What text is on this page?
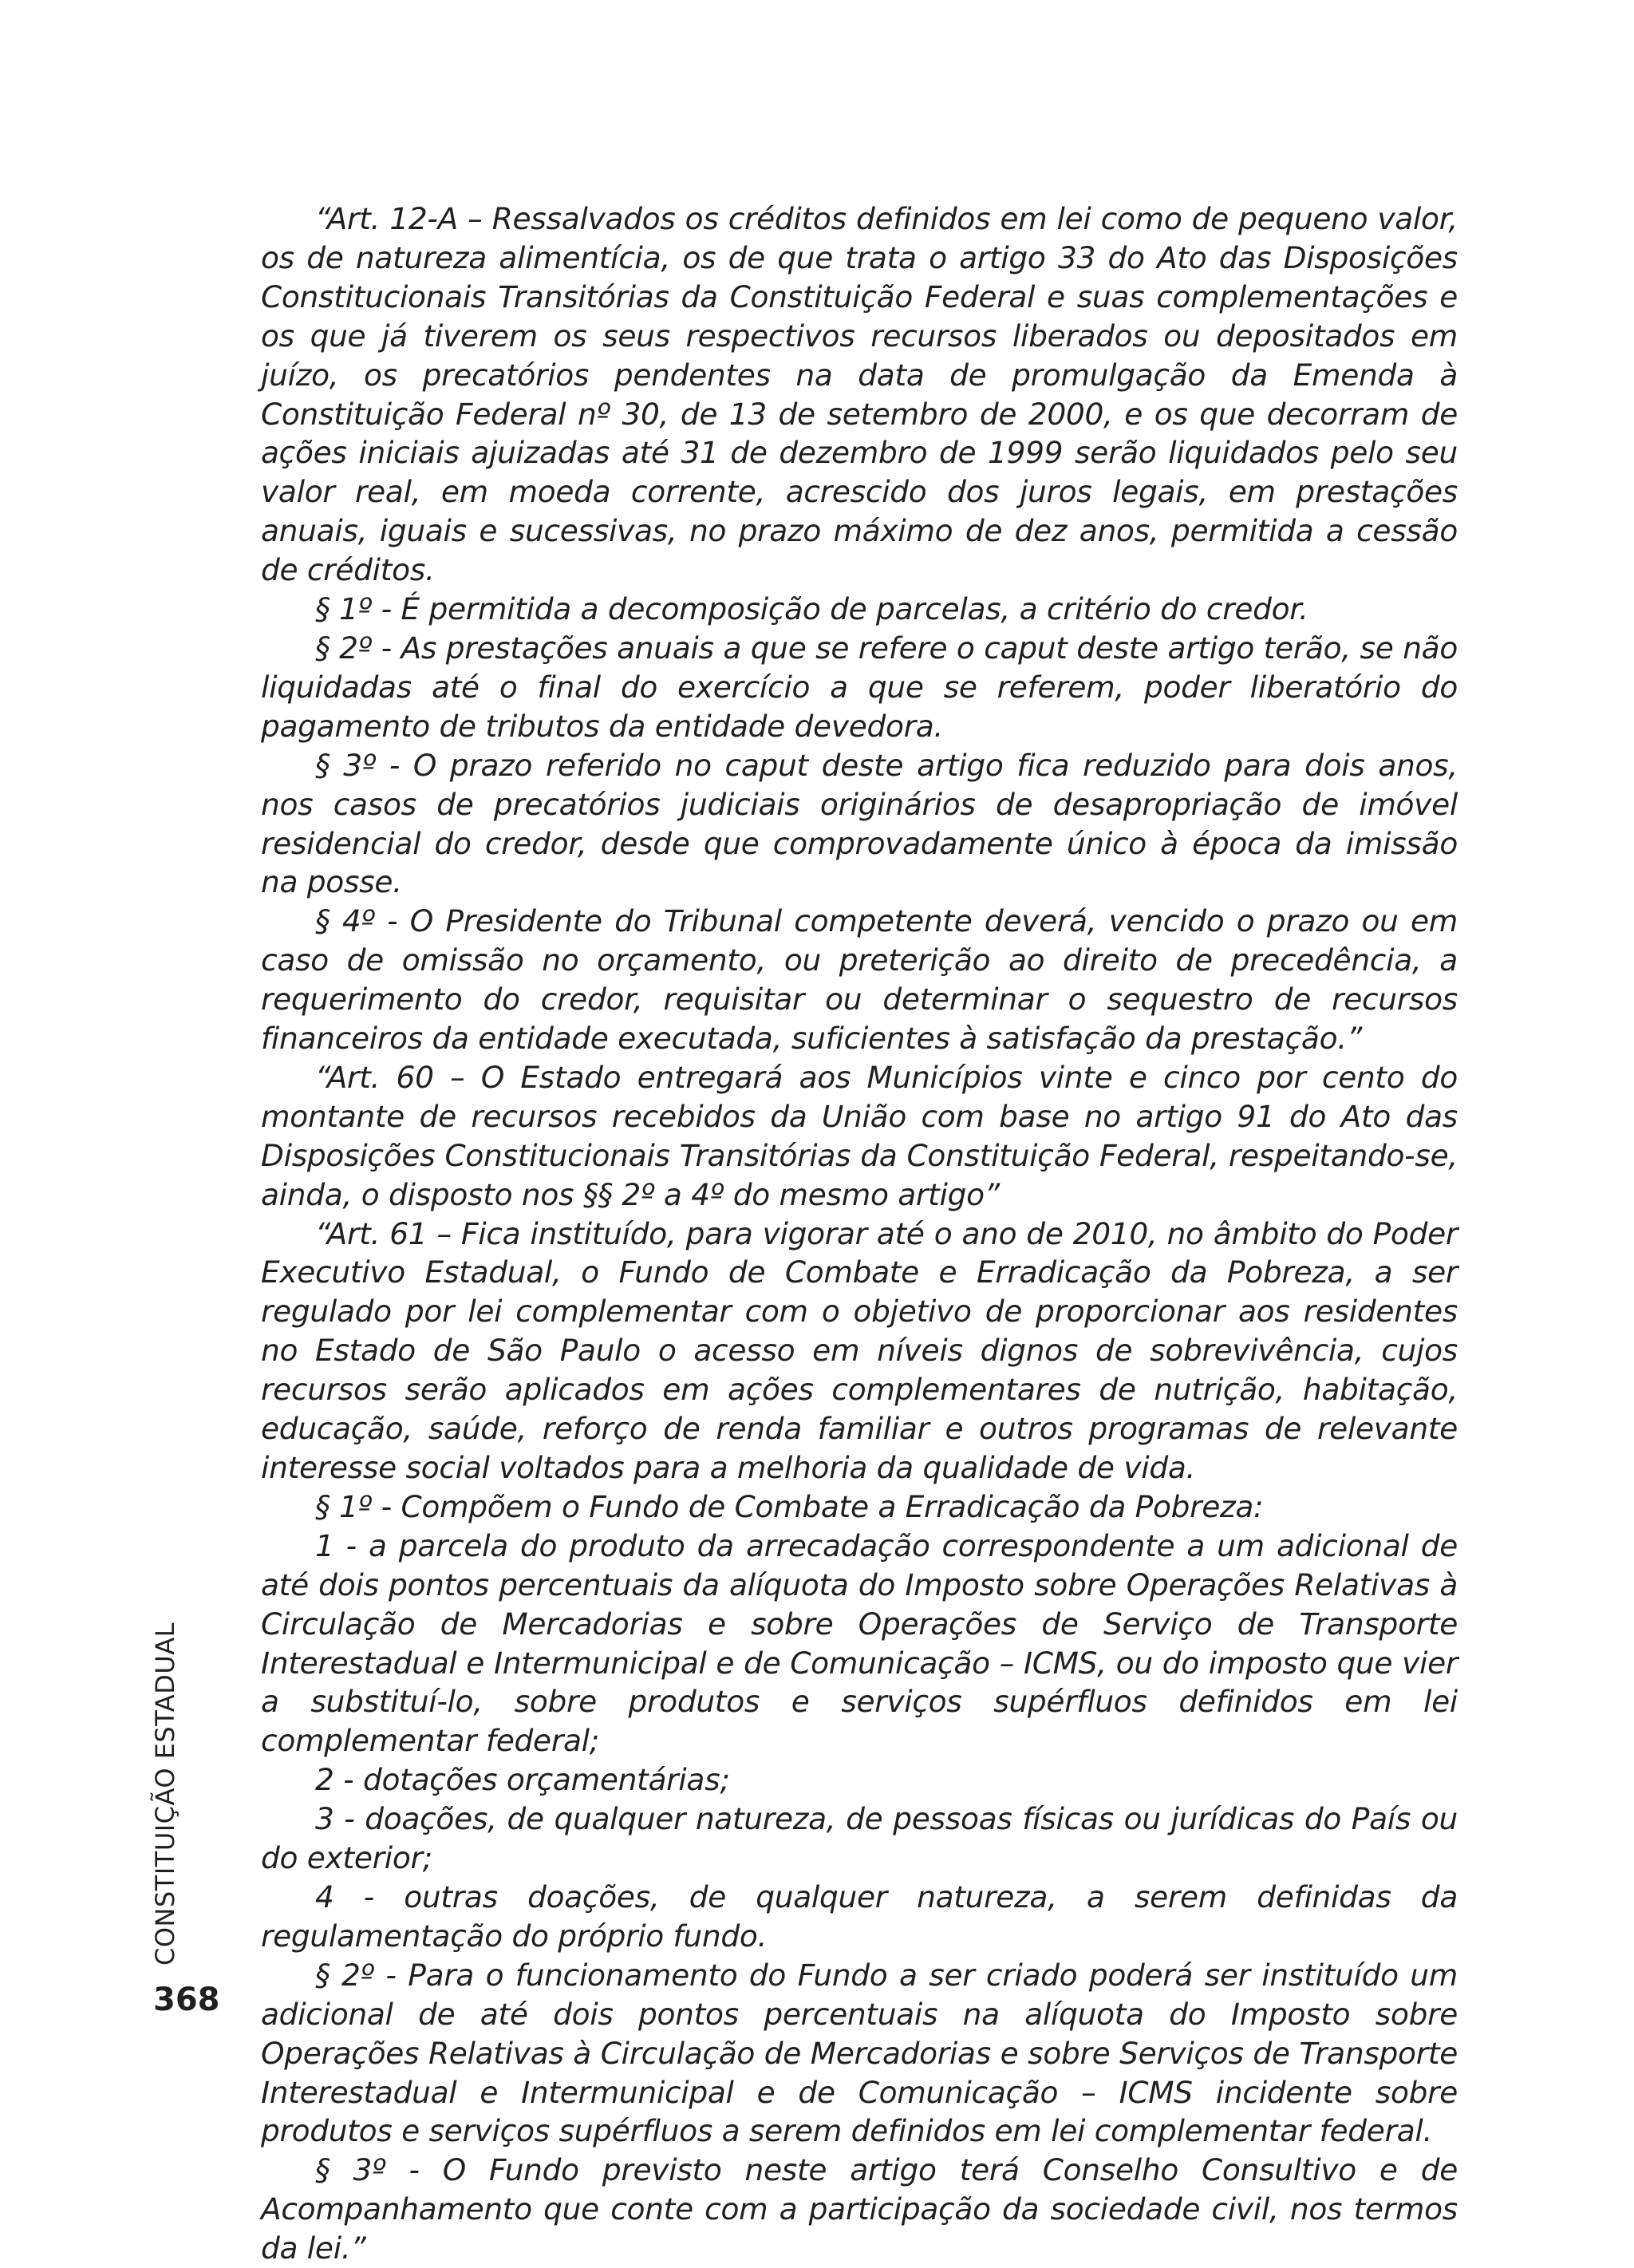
“Art. 12-A – Ressalvados os créditos definidos em lei como de pequeno valor, os de natureza alimentícia, os de que trata o artigo 33 do Ato das Disposições Constitucionais Transitórias da Constituição Federal e suas complementações e os que já tiverem os seus respectivos recursos liberados ou depositados em juízo, os precatórios pendentes na data de promulgação da Emenda à Constituição Federal nº 30, de 13 de setembro de 2000, e os que decorram de ações iniciais ajuizadas até 31 de dezembro de 1999 serão liquidados pelo seu valor real, em moeda corrente, acrescido dos juros legais, em prestações anuais, iguais e sucessivas, no prazo máximo de dez anos, permitida a cessão de créditos.

§ 1º - É permitida a decomposição de parcelas, a critério do credor.

§ 2º - As prestações anuais a que se refere o caput deste artigo terão, se não liquidadas até o final do exercício a que se referem, poder liberatório do pagamento de tributos da entidade devedora.

§ 3º - O prazo referido no caput deste artigo fica reduzido para dois anos, nos casos de precatórios judiciais originários de desapropriação de imóvel residencial do credor, desde que comprovadamente único à época da imissão na posse.

§ 4º - O Presidente do Tribunal competente deverá, vencido o prazo ou em caso de omissão no orçamento, ou preterição ao direito de precedência, a requerimento do credor, requisitar ou determinar o sequestro de recursos financeiros da entidade executada, suficientes à satisfação da prestação.”

“Art. 60 – O Estado entregará aos Municípios vinte e cinco por cento do montante de recursos recebidos da União com base no artigo 91 do Ato das Disposições Constitucionais Transitórias da Constituição Federal, respeitando-se, ainda, o disposto nos §§ 2º a 4º do mesmo artigo”

“Art. 61 – Fica instituído, para vigorar até o ano de 2010, no âmbito do Poder Executivo Estadual, o Fundo de Combate e Erradicação da Pobreza, a ser regulado por lei complementar com o objetivo de proporcionar aos residentes no Estado de São Paulo o acesso em níveis dignos de sobrevivência, cujos recursos serão aplicados em ações complementares de nutrição, habitação, educação, saúde, reforço de renda familiar e outros programas de relevante interesse social voltados para a melhoria da qualidade de vida.

§ 1º - Compõem o Fundo de Combate a Erradicação da Pobreza:

1 - a parcela do produto da arrecadação correspondente a um adicional de até dois pontos percentuais da alíquota do Imposto sobre Operações Relativas à Circulação de Mercadorias e sobre Operações de Serviço de Transporte Interestadual e Intermunicipal e de Comunicação – ICMS, ou do imposto que vier a substituí-lo, sobre produtos e serviços supérfluos definidos em lei complementar federal;

2 - dotações orçamentárias;

3 - doações, de qualquer natureza, de pessoas físicas ou jurídicas do País ou do exterior;

4 - outras doações, de qualquer natureza, a serem definidas da regulamentação do próprio fundo.

§ 2º - Para o funcionamento do Fundo a ser criado poderá ser instituído um adicional de até dois pontos percentuais na alíquota do Imposto sobre Operações Relativas à Circulação de Mercadorias e sobre Serviços de Transporte Interestadual e Intermunicipal e de Comunicação – ICMS incidente sobre produtos e serviços supérfluos a serem definidos em lei complementar federal.

§ 3º - O Fundo previsto neste artigo terá Conselho Consultivo e de Acompanhamento que conte com a participação da sociedade civil, nos termos da lei.”

CONSTITUIÇÃO ESTADUAL
368
